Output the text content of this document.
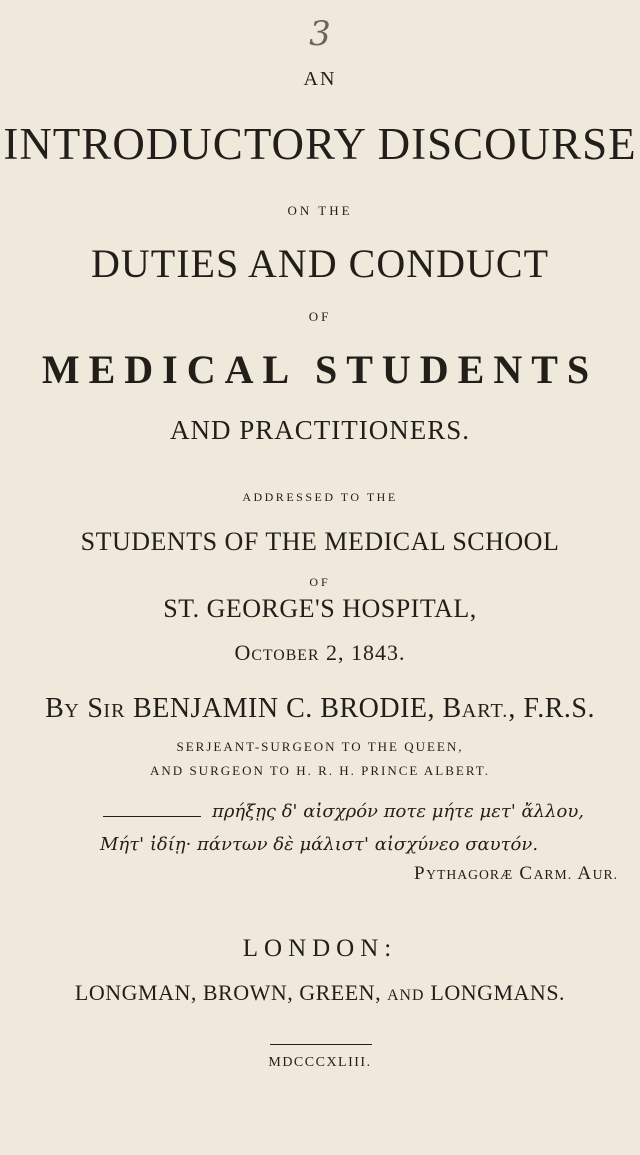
3
AN
INTRODUCTORY DISCOURSE
ON THE
DUTIES AND CONDUCT
OF
MEDICAL STUDENTS
AND PRACTITIONERS.
ADDRESSED TO THE
STUDENTS OF THE MEDICAL SCHOOL
OF
ST. GEORGE'S HOSPITAL,
OCTOBER 2, 1843.
BY SIR BENJAMIN C. BRODIE, BART., F.R.S.
SERJEANT-SURGEON TO THE QUEEN,
AND SURGEON TO H. R. H. PRINCE ALBERT.
πρήξῃς δ' αἰσχρόν ποτε μήτε μετ' ἄλλου,
Μήτ' ἰδίῃ· πάντων δὲ μάλιστ' αἰσχύνεο σαυτόν.
PYTHAGORÆ CARM. AUR.
LONDON:
LONGMAN, BROWN, GREEN, AND LONGMANS.
MDCCCXLIII.
